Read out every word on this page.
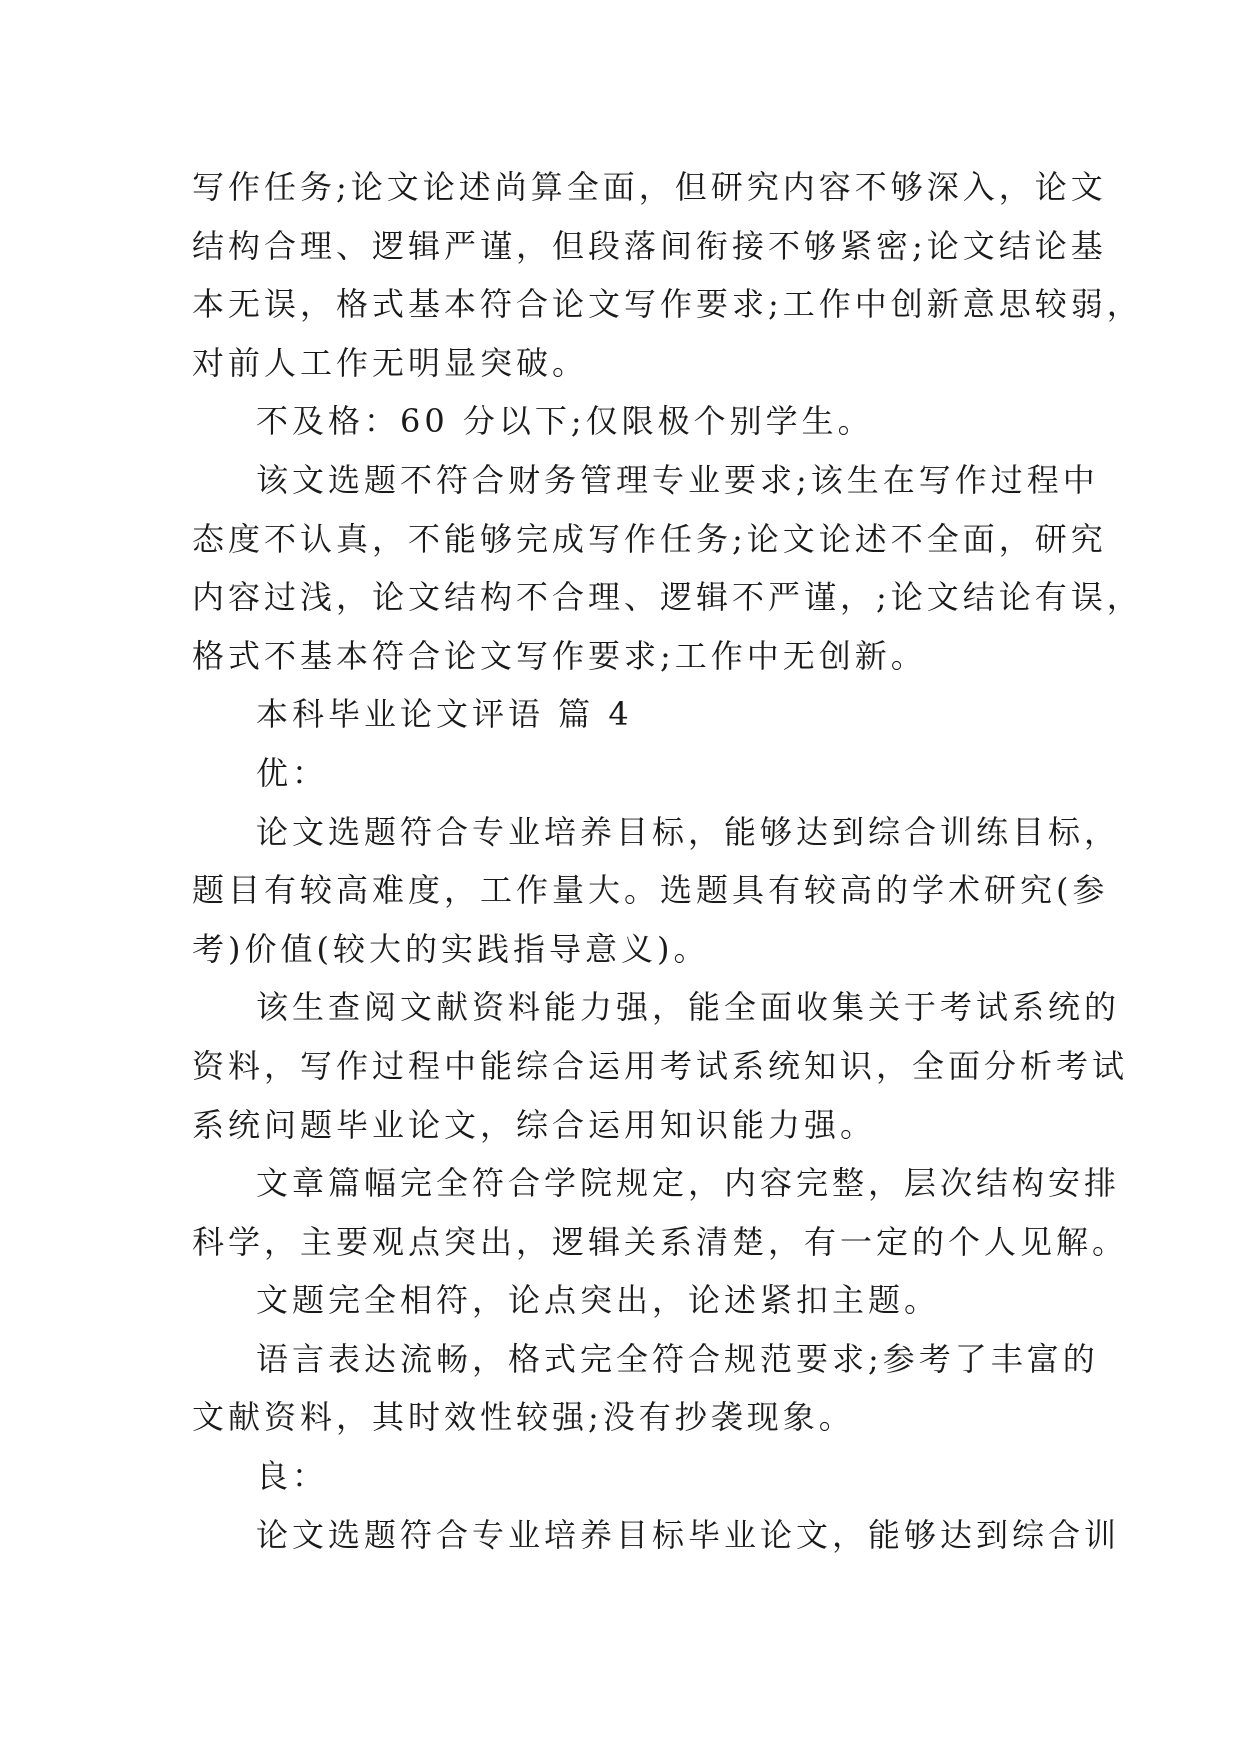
写作任务;论文论述尚算全面，但研究内容不够深入，论文
结构合理、逻辑严谨，但段落间衔接不够紧密;论文结论基
本无误，格式基本符合论文写作要求;工作中创新意思较弱，
对前人工作无明显突破。
不及格：60 分以下;仅限极个别学生。
该文选题不符合财务管理专业要求;该生在写作过程中
态度不认真，不能够完成写作任务;论文论述不全面，研究
内容过浅，论文结构不合理、逻辑不严谨，;论文结论有误，
格式不基本符合论文写作要求;工作中无创新。
本科毕业论文评语 篇 4
优：
论文选题符合专业培养目标，能够达到综合训练目标，
题目有较高难度，工作量大。选题具有较高的学术研究(参
考)价值(较大的实践指导意义)。
该生查阅文献资料能力强，能全面收集关于考试系统的
资料，写作过程中能综合运用考试系统知识，全面分析考试
系统问题毕业论文，综合运用知识能力强。
文章篇幅完全符合学院规定，内容完整，层次结构安排
科学，主要观点突出，逻辑关系清楚，有一定的个人见解。
文题完全相符，论点突出，论述紧扣主题。
语言表达流畅，格式完全符合规范要求;参考了丰富的
文献资料，其时效性较强;没有抄袭现象。
良：
论文选题符合专业培养目标毕业论文，能够达到综合训
